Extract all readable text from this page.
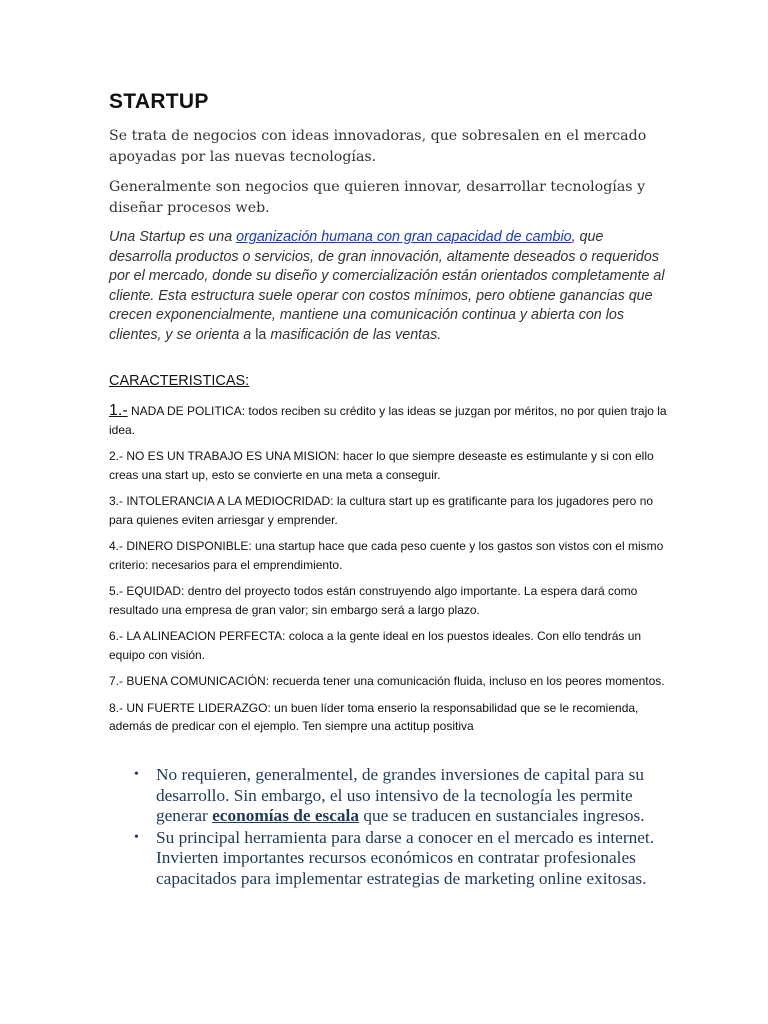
STARTUP

Se trata de negocios con ideas innovadoras, que sobresalen en el mercado apoyadas por las nuevas tecnologías.

Generalmente son negocios que quieren innovar, desarrollar tecnologías y diseñar procesos web.

Una Startup es una organización humana con gran capacidad de cambio, que desarrolla productos o servicios, de gran innovación, altamente deseados o requeridos por el mercado, donde su diseño y comercialización están orientados completamente al cliente. Esta estructura suele operar con costos mínimos, pero obtiene ganancias que crecen exponencialmente, mantiene una comunicación continua y abierta con los clientes, y se orienta a la masificación de las ventas.

CARACTERISTICAS:

1.- NADA DE POLITICA: todos reciben su crédito y las ideas se juzgan por méritos, no por quien trajo la idea.

2.- NO ES UN TRABAJO ES UNA MISION: hacer lo que siempre deseaste es estimulante y si con ello creas una start up, esto se convierte en una meta a conseguir.

3.- INTOLERANCIA A LA MEDIOCRIDAD: la cultura start up es gratificante para los jugadores pero no para quienes eviten arriesgar y emprender.

4.- DINERO DISPONIBLE: una startup hace que cada peso cuente y los gastos son vistos con el mismo criterio: necesarios para el emprendimiento.

5.- EQUIDAD: dentro del proyecto todos están construyendo algo importante. La espera dará como resultado una empresa de gran valor; sin embargo será a largo plazo.

6.- LA ALINEACION PERFECTA: coloca a la gente ideal en los puestos ideales. Con ello tendrás un equipo con visión.

7.- BUENA COMUNICACIÓN: recuerda tener una comunicación fluida, incluso en los peores momentos.

8.- UN FUERTE LIDERAZGO: un buen líder toma enserio la responsabilidad que se le recomienda, además de predicar con el ejemplo. Ten siempre una actitup positiva

• No requieren, generalmentel, de grandes inversiones de capital para su desarrollo. Sin embargo, el uso intensivo de la tecnología les permite generar economías de escala que se traducen en sustanciales ingresos.
• Su principal herramienta para darse a conocer en el mercado es internet. Invierten importantes recursos económicos en contratar profesionales capacitados para implementar estrategias de marketing online exitosas.
